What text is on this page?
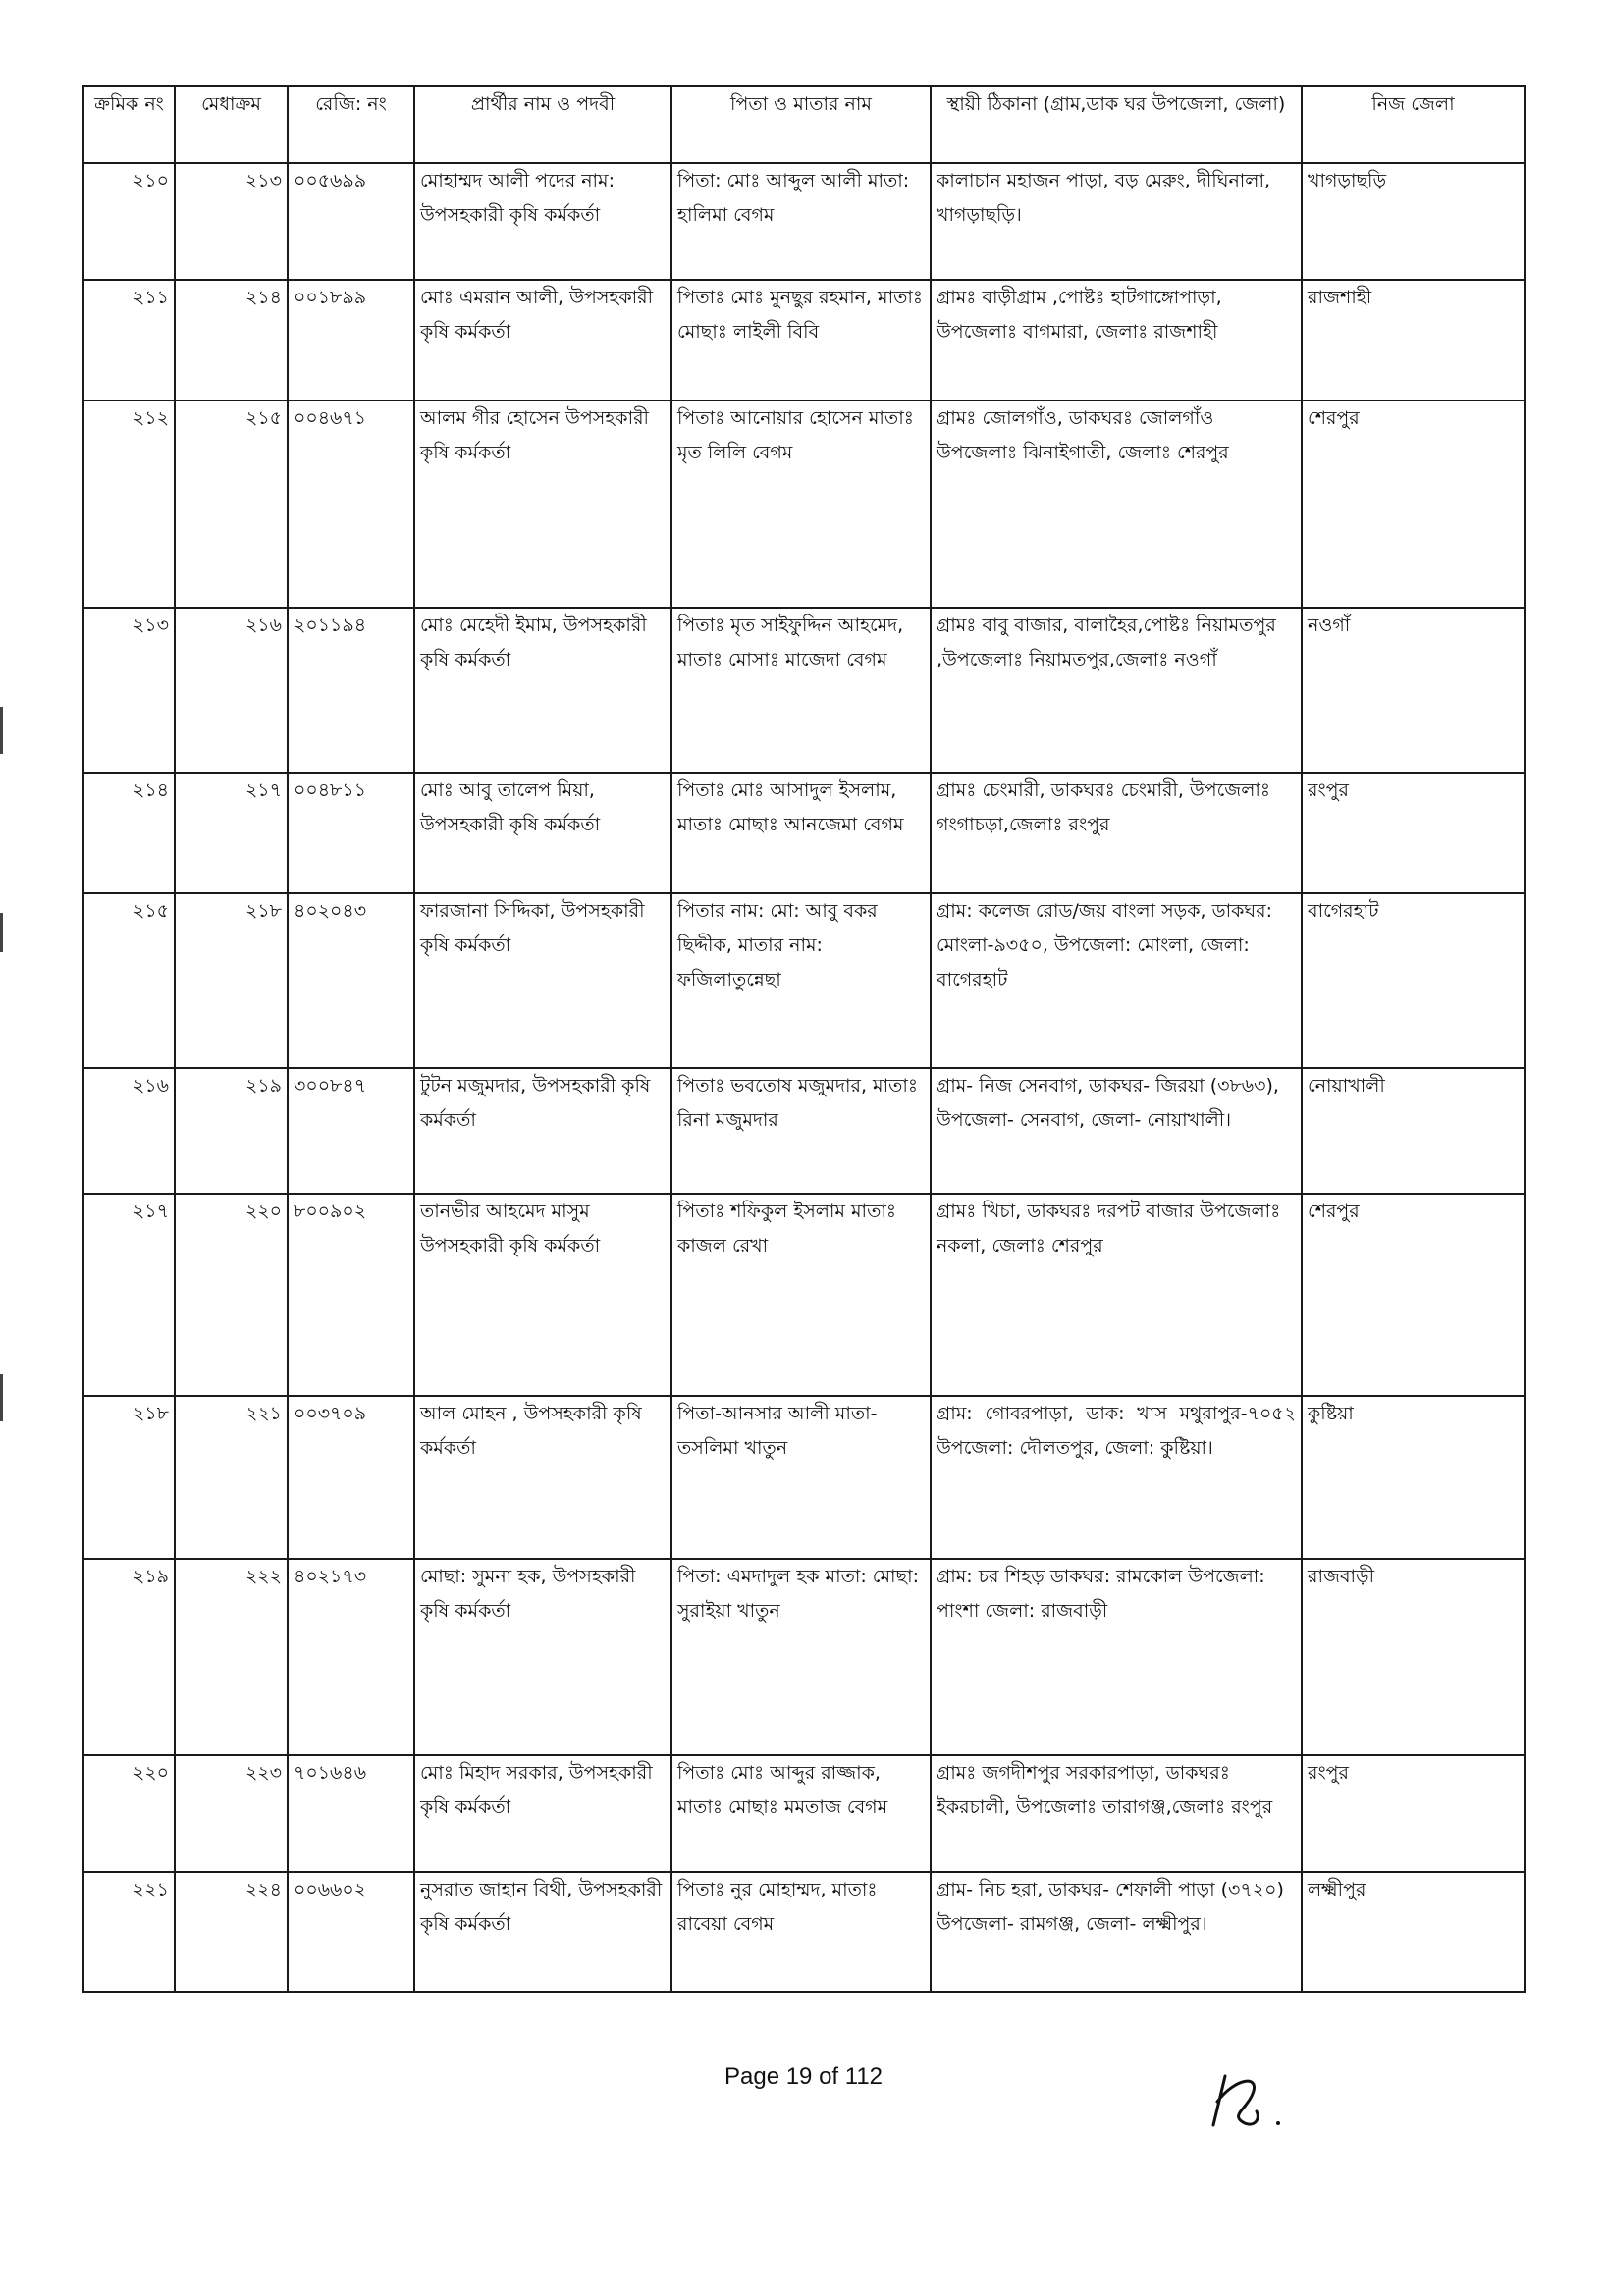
ক্রমিক নং	মেধাক্রম	রেজি: নং	প্রার্থীর নাম ও পদবী	পিতা ও মাতার নাম	স্থায়ী ঠিকানা (গ্রাম,ডাক ঘর উপজেলা, জেলা)	নিজ জেলা
২১০	২১৩	০০৫৬৯৯	মোহাম্মদ আলী পদের নাম: উপসহকারী কৃষি কর্মকর্তা	পিতা: মোঃ আব্দুল আলী মাতা: হালিমা বেগম	কালাচান মহাজন পাড়া, বড় মেরুং, দীঘিনালা, খাগড়াছড়ি।	খাগড়াছড়ি
২১১	২১৪	০০১৮৯৯	মোঃ এমরান আলী, উপসহকারী কৃষি কর্মকর্তা	পিতাঃ মোঃ মুনছুর রহমান, মাতাঃ মোছাঃ লাইলী বিবি	গ্রামঃ বাড়ীগ্রাম ,পোষ্টঃ হাটগাঙ্গোপাড়া, উপজেলাঃ বাগমারা, জেলাঃ রাজশাহী	রাজশাহী
২১২	২১৫	০০৪৬৭১	আলম গীর হোসেন উপসহকারী কৃষি কর্মকর্তা	পিতাঃ আনোয়ার হোসেন মাতাঃ মৃত লিলি বেগম	গ্রামঃ জোলগাঁও, ডাকঘরঃ জোলগাঁও উপজেলাঃ ঝিনাইগাতী, জেলাঃ শেরপুর	শেরপুর
২১৩	২১৬	২০১১৯৪	মোঃ মেহেদী ইমাম, উপসহকারী কৃষি কর্মকর্তা	পিতাঃ মৃত সাইফুদ্দিন আহমেদ, মাতাঃ মোসাঃ মাজেদা বেগম	গ্রামঃ বাবু বাজার, বালাহৈর,পোষ্টঃ নিয়ামতপুর ,উপজেলাঃ নিয়ামতপুর,জেলাঃ নওগাঁ	নওগাঁ
২১৪	২১৭	০০৪৮১১	মোঃ আবু তালেপ মিয়া, উপসহকারী কৃষি কর্মকর্তা	পিতাঃ মোঃ আসাদুল ইসলাম, মাতাঃ মোছাঃ আনজেমা বেগম	গ্রামঃ চেংমারী, ডাকঘরঃ চেংমারী, উপজেলাঃ গংগাচড়া,জেলাঃ রংপুর	রংপুর
২১৫	২১৮	৪০২০৪৩	ফারজানা সিদ্দিকা, উপসহকারী কৃষি কর্মকর্তা	পিতার নাম: মো: আবু বকর ছিদ্দীক, মাতার নাম: ফজিলাতুন্নেছা	গ্রাম: কলেজ রোড/জয় বাংলা সড়ক, ডাকঘর: মোংলা-৯৩৫০, উপজেলা: মোংলা, জেলা: বাগেরহাট	বাগেরহাট
২১৬	২১৯	৩০০৮৪৭	টুটন মজুমদার, উপসহকারী কৃষি কর্মকর্তা	পিতাঃ ভবতোষ মজুমদার, মাতাঃ রিনা মজুমদার	গ্রাম- নিজ সেনবাগ, ডাকঘর- জিরয়া (৩৮৬৩), উপজেলা- সেনবাগ, জেলা- নোয়াখালী।	নোয়াখালী
২১৭	২২০	৮০০৯০২	তানভীর আহমেদ মাসুম উপসহকারী কৃষি কর্মকর্তা	পিতাঃ শফিকুল ইসলাম মাতাঃ কাজল রেখা	গ্রামঃ খিচা, ডাকঘরঃ দরপট বাজার উপজেলাঃ নকলা, জেলাঃ শেরপুর	শেরপুর
২১৮	২২১	০০৩৭০৯	আল মোহন , উপসহকারী কৃষি কর্মকর্তা	পিতা-আনসার আলী মাতা-তসলিমা খাতুন	গ্রাম: গোবরপাড়া, ডাক: খাস মথুরাপুর-৭০৫২ উপজেলা: দৌলতপুর, জেলা: কুষ্টিয়া।	কুষ্টিয়া
২১৯	২২২	৪০২১৭৩	মোছা: সুমনা হক, উপসহকারী কৃষি কর্মকর্তা	পিতা: এমদাদুল হক মাতা: মোছা: সুরাইয়া খাতুন	গ্রাম: চর শিহড় ডাকঘর: রামকোল উপজেলা: পাংশা জেলা: রাজবাড়ী	রাজবাড়ী
২২০	২২৩	৭০১৬৪৬	মোঃ মিহাদ সরকার, উপসহকারী কৃষি কর্মকর্তা	পিতাঃ মোঃ আব্দুর রাজ্জাক, মাতাঃ মোছাঃ মমতাজ বেগম	গ্রামঃ জগদীশপুর সরকারপাড়া, ডাকঘরঃ ইকরচালী, উপজেলাঃ তারাগঞ্জ,জেলাঃ রংপুর	রংপুর
২২১	২২৪	০০৬৬০২	নুসরাত জাহান বিথী, উপসহকারী কৃষি কর্মকর্তা	পিতাঃ নুর মোহাম্মদ, মাতাঃ রাবেয়া বেগম	গ্রাম- নিচ হরা, ডাকঘর- শেফালী পাড়া (৩৭২০) উপজেলা- রামগঞ্জ, জেলা- লক্ষ্মীপুর।	লক্ষ্মীপুর
Page 19 of 112
